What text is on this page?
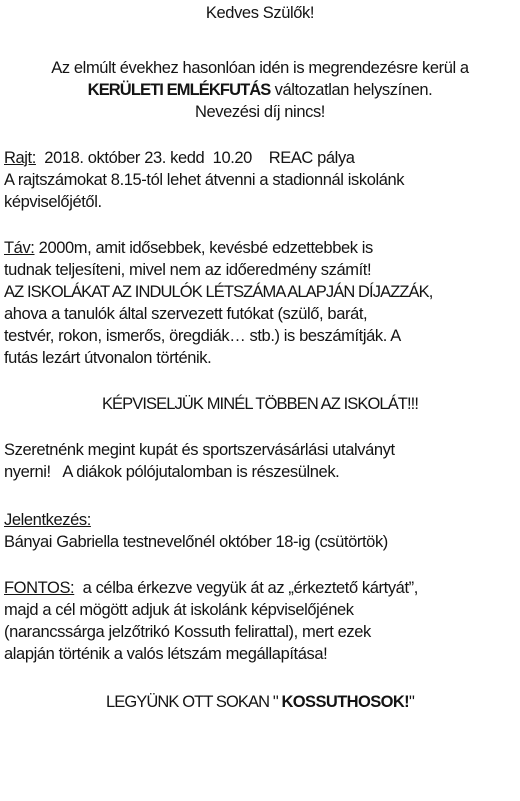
Kedves Szülők!

Az elmúlt évekhez hasonlóan idén is megrendezésre kerül a

KERÜLETI EMLÉKFUTÁS változatlan helyszínen.

Nevezési díj nincs!

Rajt:  2018. október 23. kedd  10.20    REAC pálya

A rajtszámokat 8.15-tól lehet átvenni a stadionnál iskolánk

képviselőjétől.

Táv: 2000m, amit idősebbek, kevésbé edzettebbek is

tudnak teljesíteni, mivel nem az időeredmény számít!

AZ ISKOLÁKAT AZ INDULÓK LÉTSZÁMA ALAPJÁN DÍJAZZÁK,

ahova a tanulók által szervezett futókat (szülő, barát,

testvér, rokon, ismerős, öregdiák… stb.) is beszámítják. A

futás lezárt útvonalon történik.

KÉPVISELJÜK MINÉL TÖBBEN AZ ISKOLÁT!!!

Szeretnénk megint kupát és sportszervásárlási utalványt

nyerni!   A diákok pólójutalomban is részesülnek.

Jelentkezés:

Bányai Gabriella testnevelőnél október 18-ig (csütörtök)

FONTOS:  a célba érkezve vegyük át az „érkeztető kártyát”,

majd a cél mögött adjuk át iskolánk képviselőjének

(narancssárga jelzőtrikó Kossuth felirattal), mert ezek

alapján történik a valós létszám megállapítása!

LEGYÜNK OTT SOKAN " KOSSUTHOSOK!"
